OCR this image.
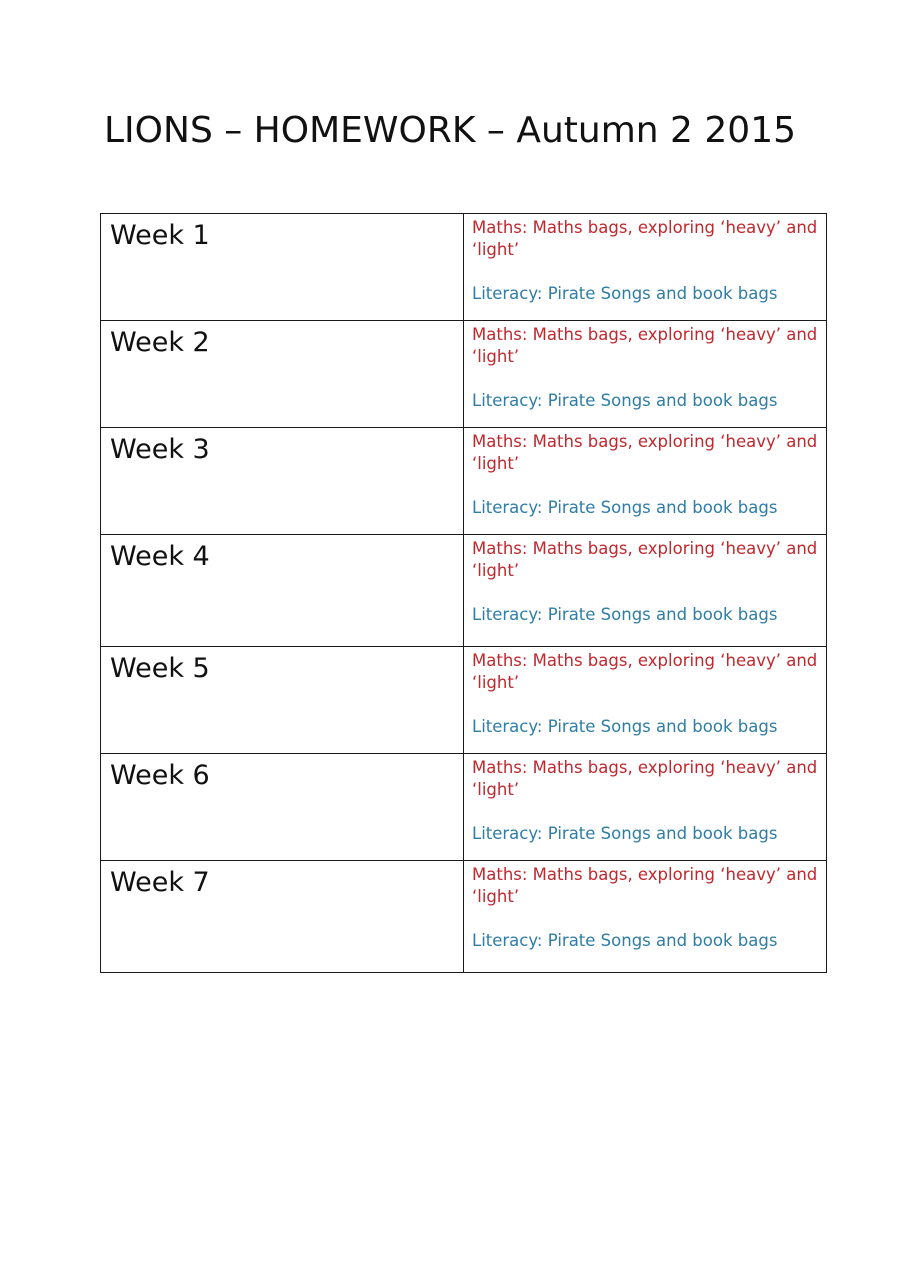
LIONS – HOMEWORK – Autumn 2 2015
Week 1	Maths: Maths bags, exploring ‘heavy’ and ‘light’
Literacy: Pirate Songs and book bags

Week 2	Maths: Maths bags, exploring ‘heavy’ and ‘light’
Literacy: Pirate Songs and book bags

Week 3	Maths: Maths bags, exploring ‘heavy’ and ‘light’
Literacy: Pirate Songs and book bags

Week 4	Maths: Maths bags, exploring ‘heavy’ and ‘light’
Literacy: Pirate Songs and book bags

Week 5	Maths: Maths bags, exploring ‘heavy’ and ‘light’
Literacy: Pirate Songs and book bags

Week 6	Maths: Maths bags, exploring ‘heavy’ and ‘light’
Literacy: Pirate Songs and book bags

Week 7	Maths: Maths bags, exploring ‘heavy’ and ‘light’
Literacy: Pirate Songs and book bags
